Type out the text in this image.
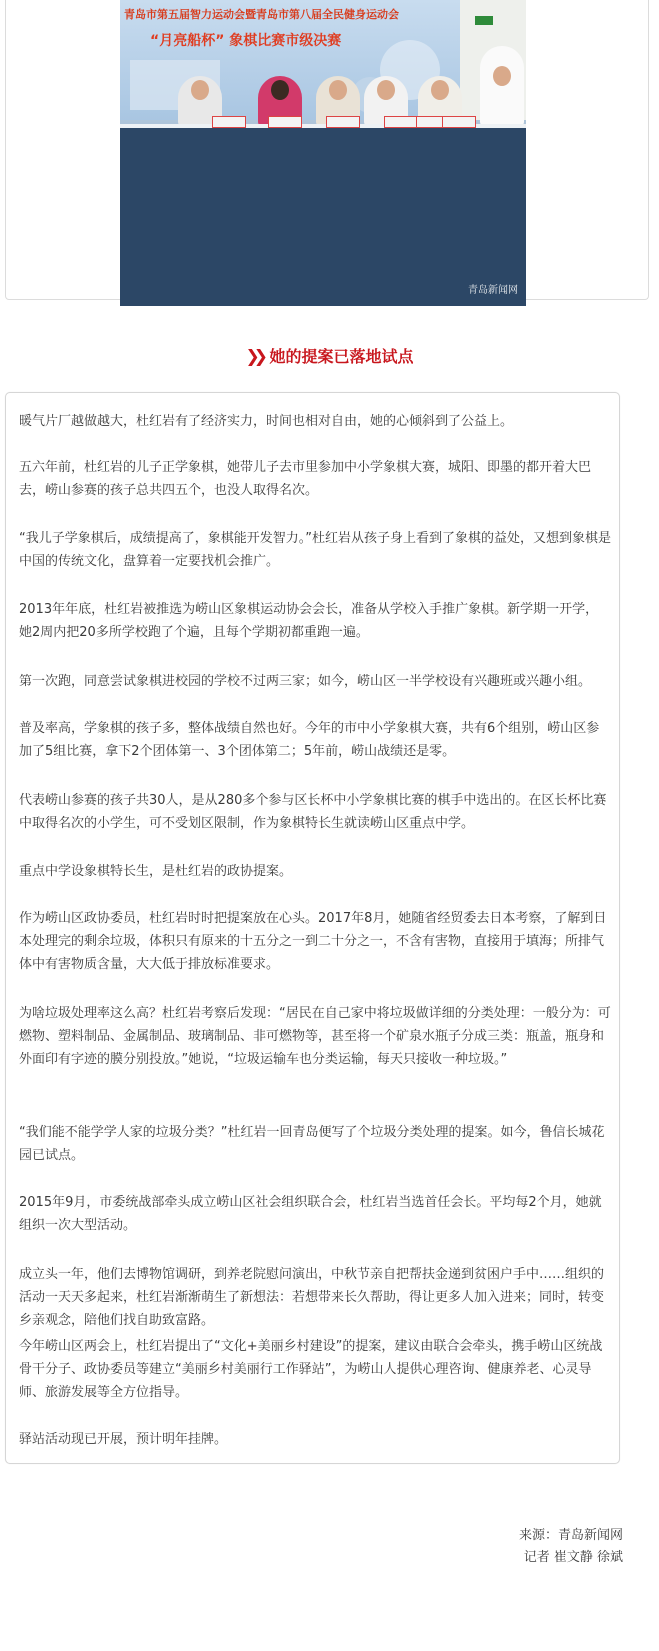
青岛市第五届智力运动会暨青岛市第八届全民健身运动会
“月亮船杯” 象棋比赛市级决赛
青岛新闻网
❯❯ 她的提案已落地试点

暖气片厂越做越大，杜红岩有了经济实力，时间也相对自由，她的心倾斜到了公益上。

五六年前，杜红岩的儿子正学象棋，她带儿子去市里参加中小学象棋大赛，城阳、即墨的都开着大巴去，崂山参赛的孩子总共四五个，也没人取得名次。

“我儿子学象棋后，成绩提高了，象棋能开发智力。”杜红岩从孩子身上看到了象棋的益处，又想到象棋是中国的传统文化，盘算着一定要找机会推广。

2013年年底，杜红岩被推选为崂山区象棋运动协会会长，准备从学校入手推广象棋。新学期一开学，她2周内把20多所学校跑了个遍，且每个学期初都重跑一遍。

第一次跑，同意尝试象棋进校园的学校不过两三家；如今，崂山区一半学校设有兴趣班或兴趣小组。

普及率高，学象棋的孩子多，整体战绩自然也好。今年的市中小学象棋大赛，共有6个组别，崂山区参加了5组比赛，拿下2个团体第一、3个团体第二；5年前，崂山战绩还是零。

代表崂山参赛的孩子共30人，是从280多个参与区长杯中小学象棋比赛的棋手中选出的。在区长杯比赛中取得名次的小学生，可不受划区限制，作为象棋特长生就读崂山区重点中学。

重点中学设象棋特长生，是杜红岩的政协提案。

作为崂山区政协委员，杜红岩时时把提案放在心头。2017年8月，她随省经贸委去日本考察，了解到日本处理完的剩余垃圾，体积只有原来的十五分之一到二十分之一，不含有害物，直接用于填海；所排气体中有害物质含量，大大低于排放标准要求。

为啥垃圾处理率这么高？杜红岩考察后发现：“居民在自己家中将垃圾做详细的分类处理：一般分为：可燃物、塑料制品、金属制品、玻璃制品、非可燃物等，甚至将一个矿泉水瓶子分成三类：瓶盖，瓶身和外面印有字迹的膜分别投放。”她说，“垃圾运输车也分类运输，每天只接收一种垃圾。”

“我们能不能学学人家的垃圾分类？”杜红岩一回青岛便写了个垃圾分类处理的提案。如今，鲁信长城花园已试点。

2015年9月，市委统战部牵头成立崂山区社会组织联合会，杜红岩当选首任会长。平均每2个月，她就组织一次大型活动。

成立头一年，他们去博物馆调研，到养老院慰问演出，中秋节亲自把帮扶金递到贫困户手中……组织的活动一天天多起来，杜红岩渐渐萌生了新想法：若想带来长久帮助，得让更多人加入进来；同时，转变乡亲观念，陪他们找自助致富路。

今年崂山区两会上，杜红岩提出了“文化+美丽乡村建设”的提案，建议由联合会牵头，携手崂山区统战骨干分子、政协委员等建立“美丽乡村美丽行工作驿站”，为崂山人提供心理咨询、健康养老、心灵导师、旅游发展等全方位指导。

驿站活动现已开展，预计明年挂牌。

来源：青岛新闻网
记者 崔文静 徐斌
